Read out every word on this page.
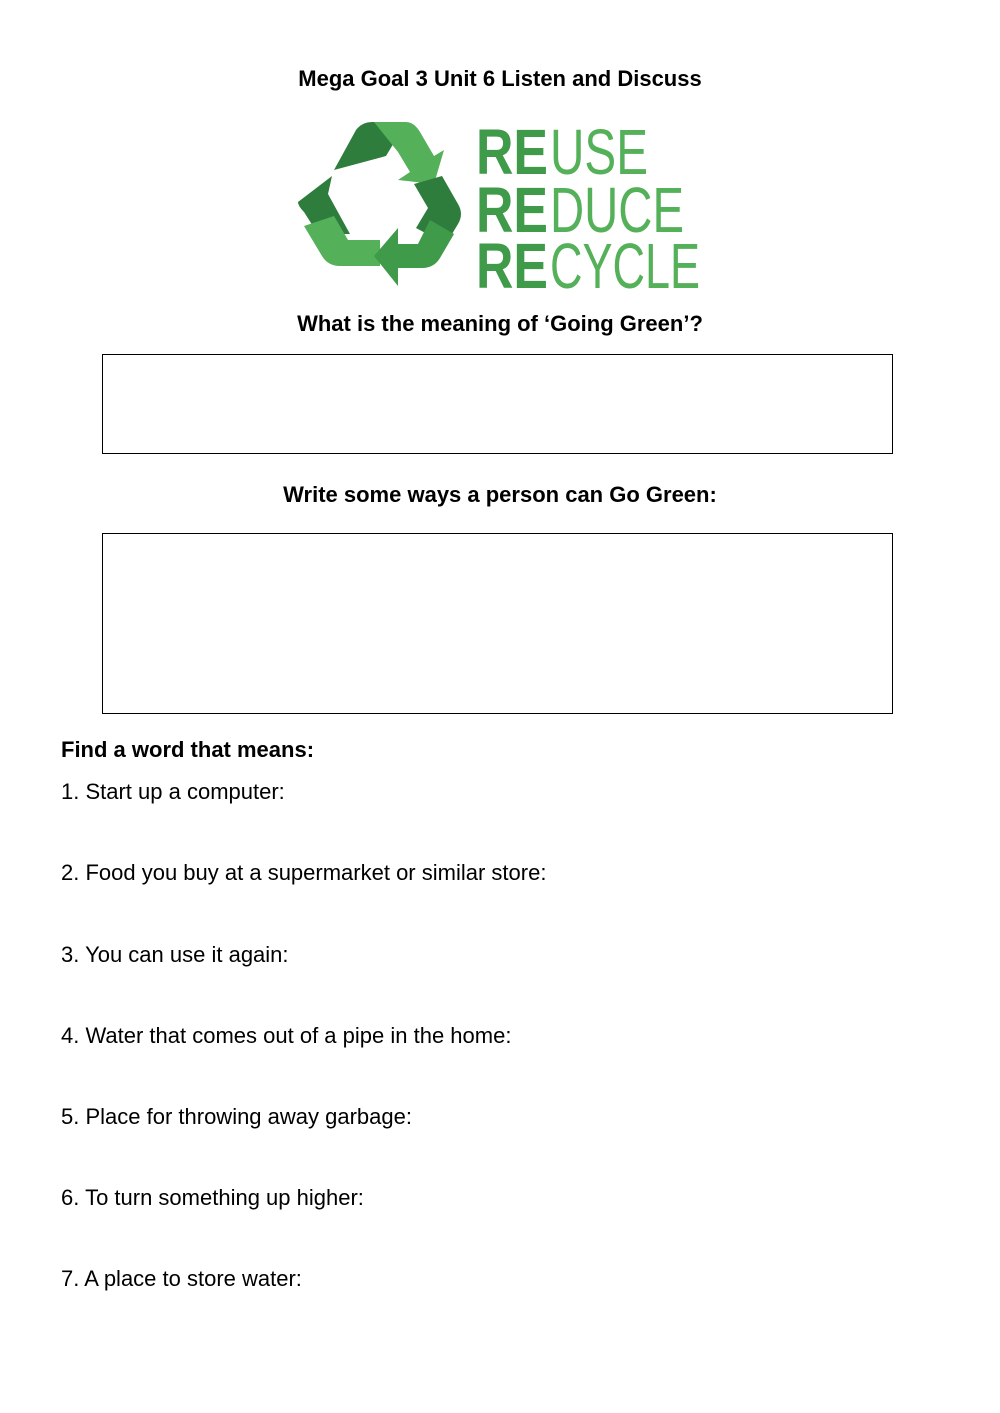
Mega Goal 3 Unit 6 Listen and Discuss
RE USE
RE DUCE
RE CYCLE
What is the meaning of ‘Going Green’?
Write some ways a person can Go Green:
Find a word that means:
1. Start up a computer:
2. Food you buy at a supermarket or similar store:
3. You can use it again:
4. Water that comes out of a pipe in the home:
5. Place for throwing away garbage:
6. To turn something up higher:
7. A place to store water:
